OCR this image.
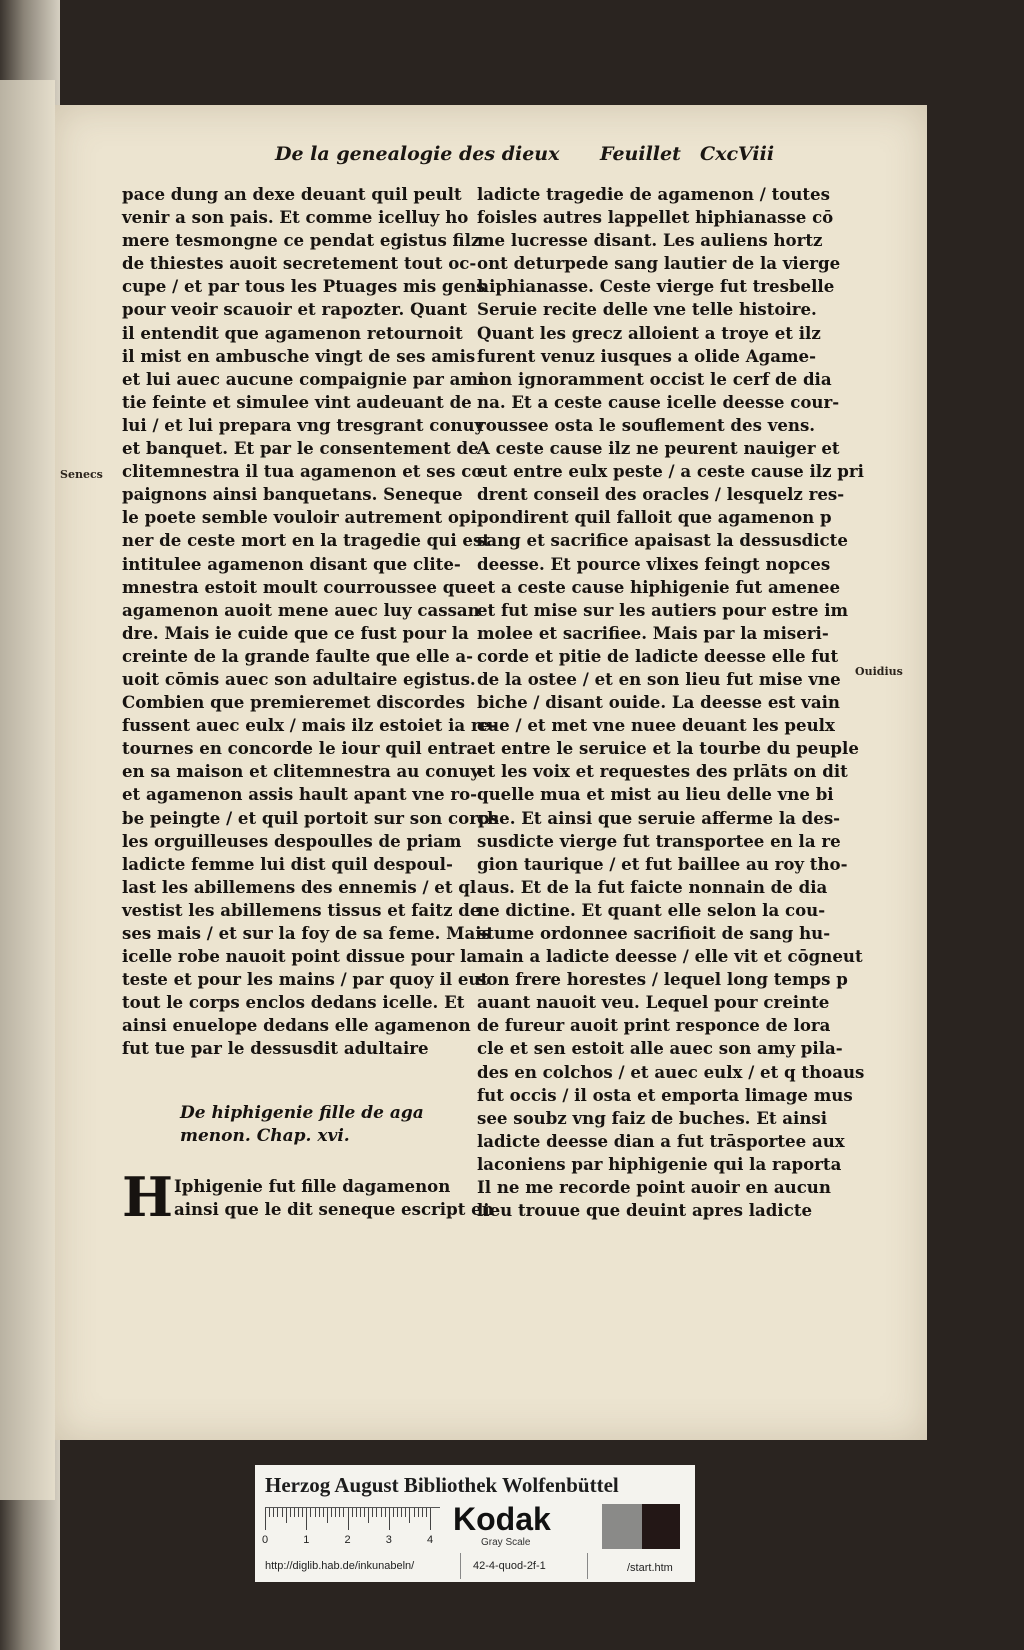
De la genealogie des dieux Feuillet CxcViii
pace dung an dexe deuant quil peult
venir a son pais. Et comme icelluy ho
mere tesmongne ce pendat egistus filz
de thiestes auoit secretement tout oc-
cupe / et par tous les Ptuages mis gens
pour veoir scauoir et rapozter. Quant
il entendit que agamenon retournoit
il mist en ambusche vingt de ses amis
et lui auec aucune compaignie par ami
tie feinte et simulee vint audeuant de
lui / et lui prepara vng tresgrant conuy
et banquet. Et par le consentement de
clitemnestra il tua agamenon et ses co
paignons ainsi banquetans. Seneque
le poete semble vouloir autrement opi
ner de ceste mort en la tragedie qui est
intitulee agamenon disant que clite-
mnestra estoit moult courroussee que
agamenon auoit mene auec luy cassan
dre. Mais ie cuide que ce fust pour la
creinte de la grande faulte que elle a-
uoit cōmis auec son adultaire egistus.
Combien que premieremet discordes
fussent auec eulx / mais ilz estoiet ia re-
tournes en concorde le iour quil entra
en sa maison et clitemnestra au conuy
et agamenon assis hault apant vne ro-
be peingte / et quil portoit sur son corps
les orguilleuses despoulles de priam
ladicte femme lui dist quil despoul-
last les abillemens des ennemis / et ql
vestist les abillemens tissus et faitz de
ses mais / et sur la foy de sa feme. Mais
icelle robe nauoit point dissue pour la
teste et pour les mains / par quoy il eut
tout le corps enclos dedans icelle. Et
ainsi enuelope dedans elle agamenon
fut tue par le dessusdit adultaire
De hiphigenie fille de aga
menon. Chap. xvi.
H Iphigenie fut fille dagamenon
ainsi que le dit seneque escript en
ladicte tragedie de agamenon / toutes
foisles autres lappellet hiphianasse cō
me lucresse disant. Les auliens hortz
ont deturpede sang lautier de la vierge
hiphianasse. Ceste vierge fut tresbelle
Seruie recite delle vne telle histoire.
Quant les grecz alloient a troye et ilz
furent venuz iusques a olide Agame-
non ignoramment occist le cerf de dia
na. Et a ceste cause icelle deesse cour-
roussee osta le souflement des vens.
A ceste cause ilz ne peurent nauiger et
eut entre eulx peste / a ceste cause ilz pri
drent conseil des oracles / lesquelz res-
pondirent quil falloit que agamenon p
sang et sacrifice apaisast la dessusdicte
deesse. Et pource vlixes feingt nopces
et a ceste cause hiphigenie fut amenee
et fut mise sur les autiers pour estre im
molee et sacrifiee. Mais par la miseri-
corde et pitie de ladicte deesse elle fut
de la ostee / et en son lieu fut mise vne
biche / disant ouide. La deesse est vain
cue / et met vne nuee deuant les peulx
et entre le seruice et la tourbe du peuple
et les voix et requestes des prlāts on dit
quelle mua et mist au lieu delle vne bi
che. Et ainsi que seruie afferme la des-
susdicte vierge fut transportee en la re
gion taurique / et fut baillee au roy tho-
aus. Et de la fut faicte nonnain de dia
ne dictine. Et quant elle selon la cou-
stume ordonnee sacrifioit de sang hu-
main a ladicte deesse / elle vit et cōgneut
son frere horestes / lequel long temps p
auant nauoit veu. Lequel pour creinte
de fureur auoit print responce de lora
cle et sen estoit alle auec son amy pila-
des en colchos / et auec eulx / et q thoaus
fut occis / il osta et emporta limage mus
see soubz vng faiz de buches. Et ainsi
ladicte deesse dian a fut trāsportee aux
laconiens par hiphigenie qui la raporta
Il ne me recorde point auoir en aucun
lieu trouue que deuint apres ladicte
Senecs
Ouidius
Herzog August Bibliothek Wolfenbüttel
0	1	2	3	4
Kodak
Gray Scale
http://diglib.hab.de/inkunabeln/	42-4-quod-2f-1	/start.htm
